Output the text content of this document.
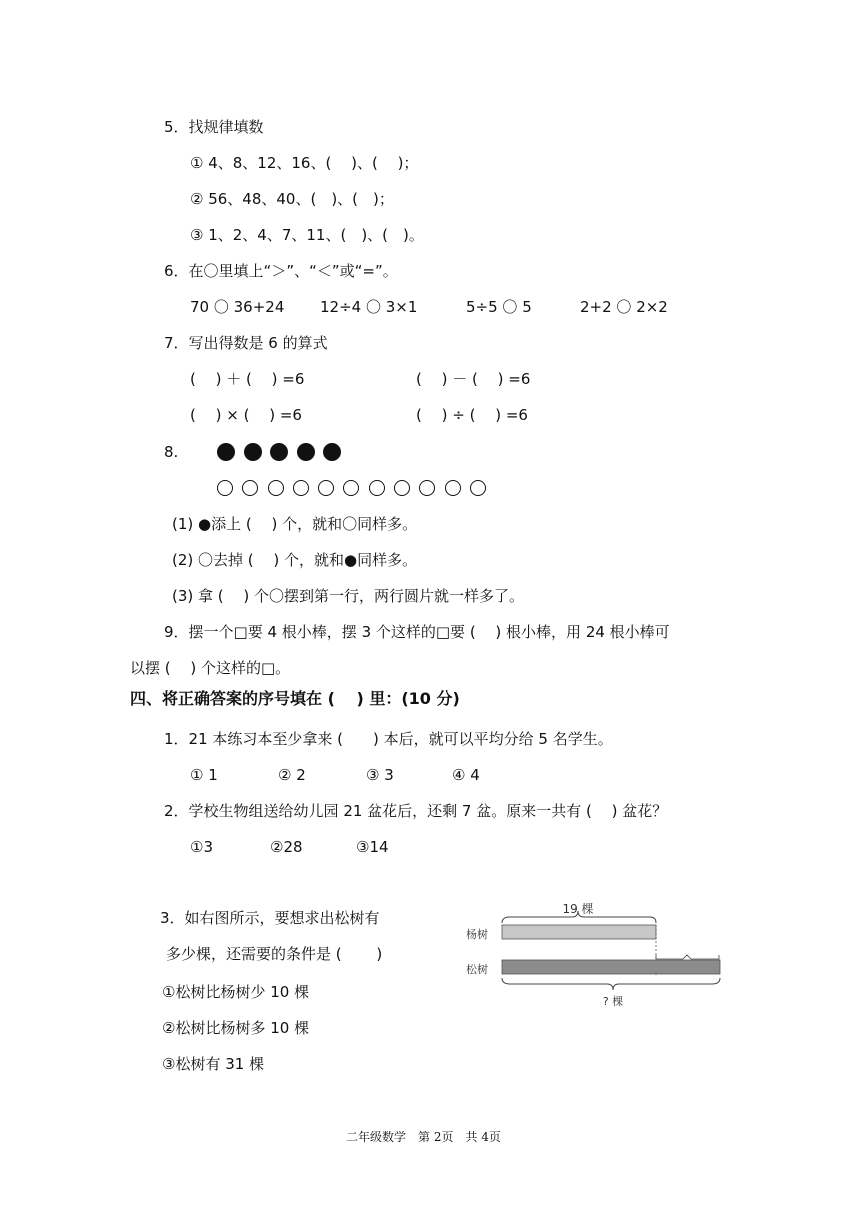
5．找规律填数
① 4、8、12、16、(　 )、(　 )；
② 56、48、40、(　)、(　)；
③ 1、2、4、7、11、(　)、(　)。
6．在〇里填上“＞”、“＜”或“=”。
70 〇 36+24 12÷4 〇 3×1	5÷5 〇 5	2+2 〇 2×2
7．写出得数是 6 的算式
(　 ) ＋ (　 ) =6	(　 ) － (　 ) =6
(　 ) × (　 ) =6	(　 ) ÷ (　 ) =6
8.
(1) ●添上 (　 ) 个，就和〇同样多。
(2) 〇去掉 (　 ) 个，就和●同样多。
(3) 拿 (　 ) 个〇摆到第一行，两行圆片就一样多了。
9．摆一个□要 4 根小棒，摆 3 个这样的□要 (　 ) 根小棒，用 24 根小棒可
以摆 (　 ) 个这样的□。
四、将正确答案的序号填在 (　 ) 里：(10 分)
1．21 本练习本至少拿来 (　　) 本后，就可以平均分给 5 名学生。
① 1	② 2	③ 3	④ 4
2．学校生物组送给幼儿园 21 盆花后，还剩 7 盆。原来一共有 (　 ) 盆花？
①3	②28	③14
3．如右图所示，要想求出松树有
多少棵，还需要的条件是 (　　 )
①松树比杨树少 10 棵
②松树比杨树多 10 棵
③松树有 31 棵
19 棵
杨树
松树
? 棵
二年级数学　第 2页　共 4页
